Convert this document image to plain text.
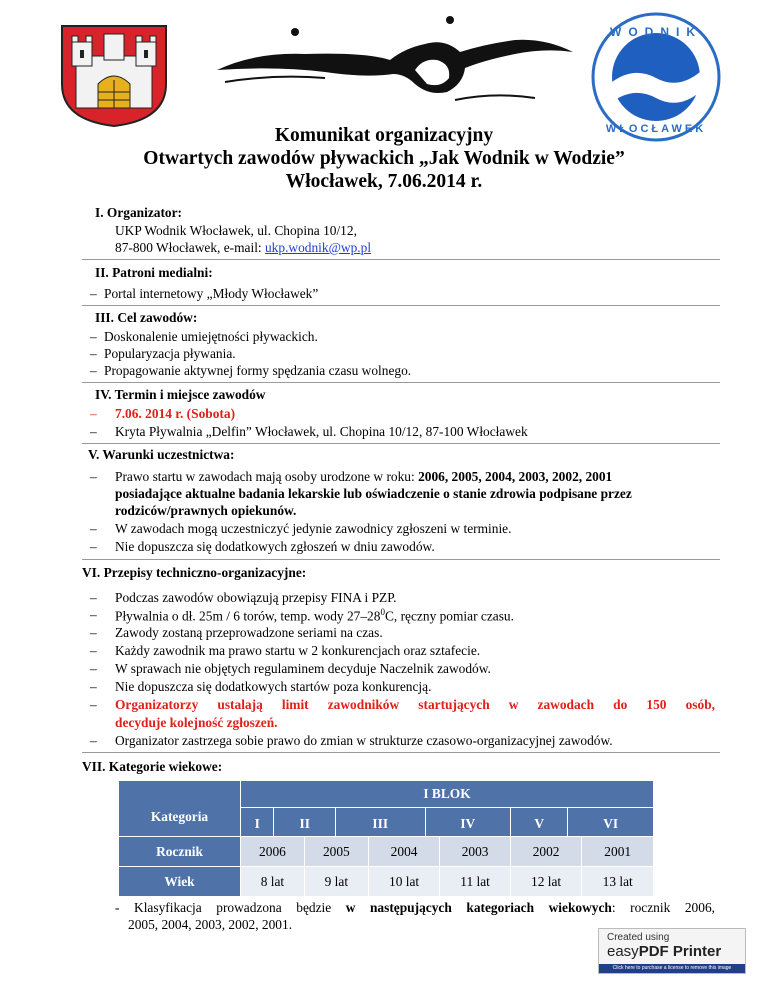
WODNIK
WŁOCŁAWEK
Komunikat organizacyjny
Otwartych zawodów pływackich „Jak Wodnik w Wodzie”
Włocławek, 7.06.2014 r.
I. Organizator:
UKP Wodnik Włocławek, ul. Chopina 10/12,
87-800 Włocławek, e-mail: ukp.wodnik@wp.pl
II. Patroni medialni:
– Portal internetowy „Młody Włocławek”
III. Cel zawodów:
– Doskonalenie umiejętności pływackich.
– Popularyzacja pływania.
– Propagowanie aktywnej formy spędzania czasu wolnego.
IV. Termin i miejsce zawodów
– 7.06. 2014 r. (Sobota)
– Kryta Pływalnia „Delfin” Włocławek, ul. Chopina 10/12, 87-100 Włocławek
V. Warunki uczestnictwa:
– Prawo startu w zawodach mają osoby urodzone w roku: 2006, 2005, 2004, 2003, 2002, 2001
posiadające aktualne badania lekarskie lub oświadczenie o stanie zdrowia podpisane przez
rodziców/prawnych opiekunów.
– W zawodach mogą uczestniczyć jedynie zawodnicy zgłoszeni w terminie.
– Nie dopuszcza się dodatkowych zgłoszeń w dniu zawodów.
VI. Przepisy techniczno-organizacyjne:
– Podczas zawodów obowiązują przepisy FINA i PZP.
– Pływalnia o dł. 25m / 6 torów, temp. wody $27-28^0C$, ręczny pomiar czasu.
– Zawody zostaną przeprowadzone seriami na czas.
– Każdy zawodnik ma prawo startu w 2 konkurencjach oraz sztafecie.
– W sprawach nie objętych regulaminem decyduje Naczelnik zawodów.
– Nie dopuszcza się dodatkowych startów poza konkurencją.
– Organizatorzy ustalają limit zawodników startujących w zawodach do 150 osób,
decyduje kolejność zgłoszeń.
– Organizator zastrzega sobie prawo do zmian w strukturze czasowo-organizacyjnej zawodów.
VII. Kategorie wiekowe:
	I BLOK					
	I	II	III	IV	V	VI

Kategoria
Rocznik	2006	2005	2004	2003	2002	2001
Wiek	8 lat	9 lat	10 lat	11 lat	12 lat	13 lat
- Klasyfikacja prowadzona będzie w następujących kategoriach wiekowych: rocznik 2006,
2005, 2004, 2003, 2002, 2001.
Created using
easyPDF Printer
Click here to purchase a license to remove this image
